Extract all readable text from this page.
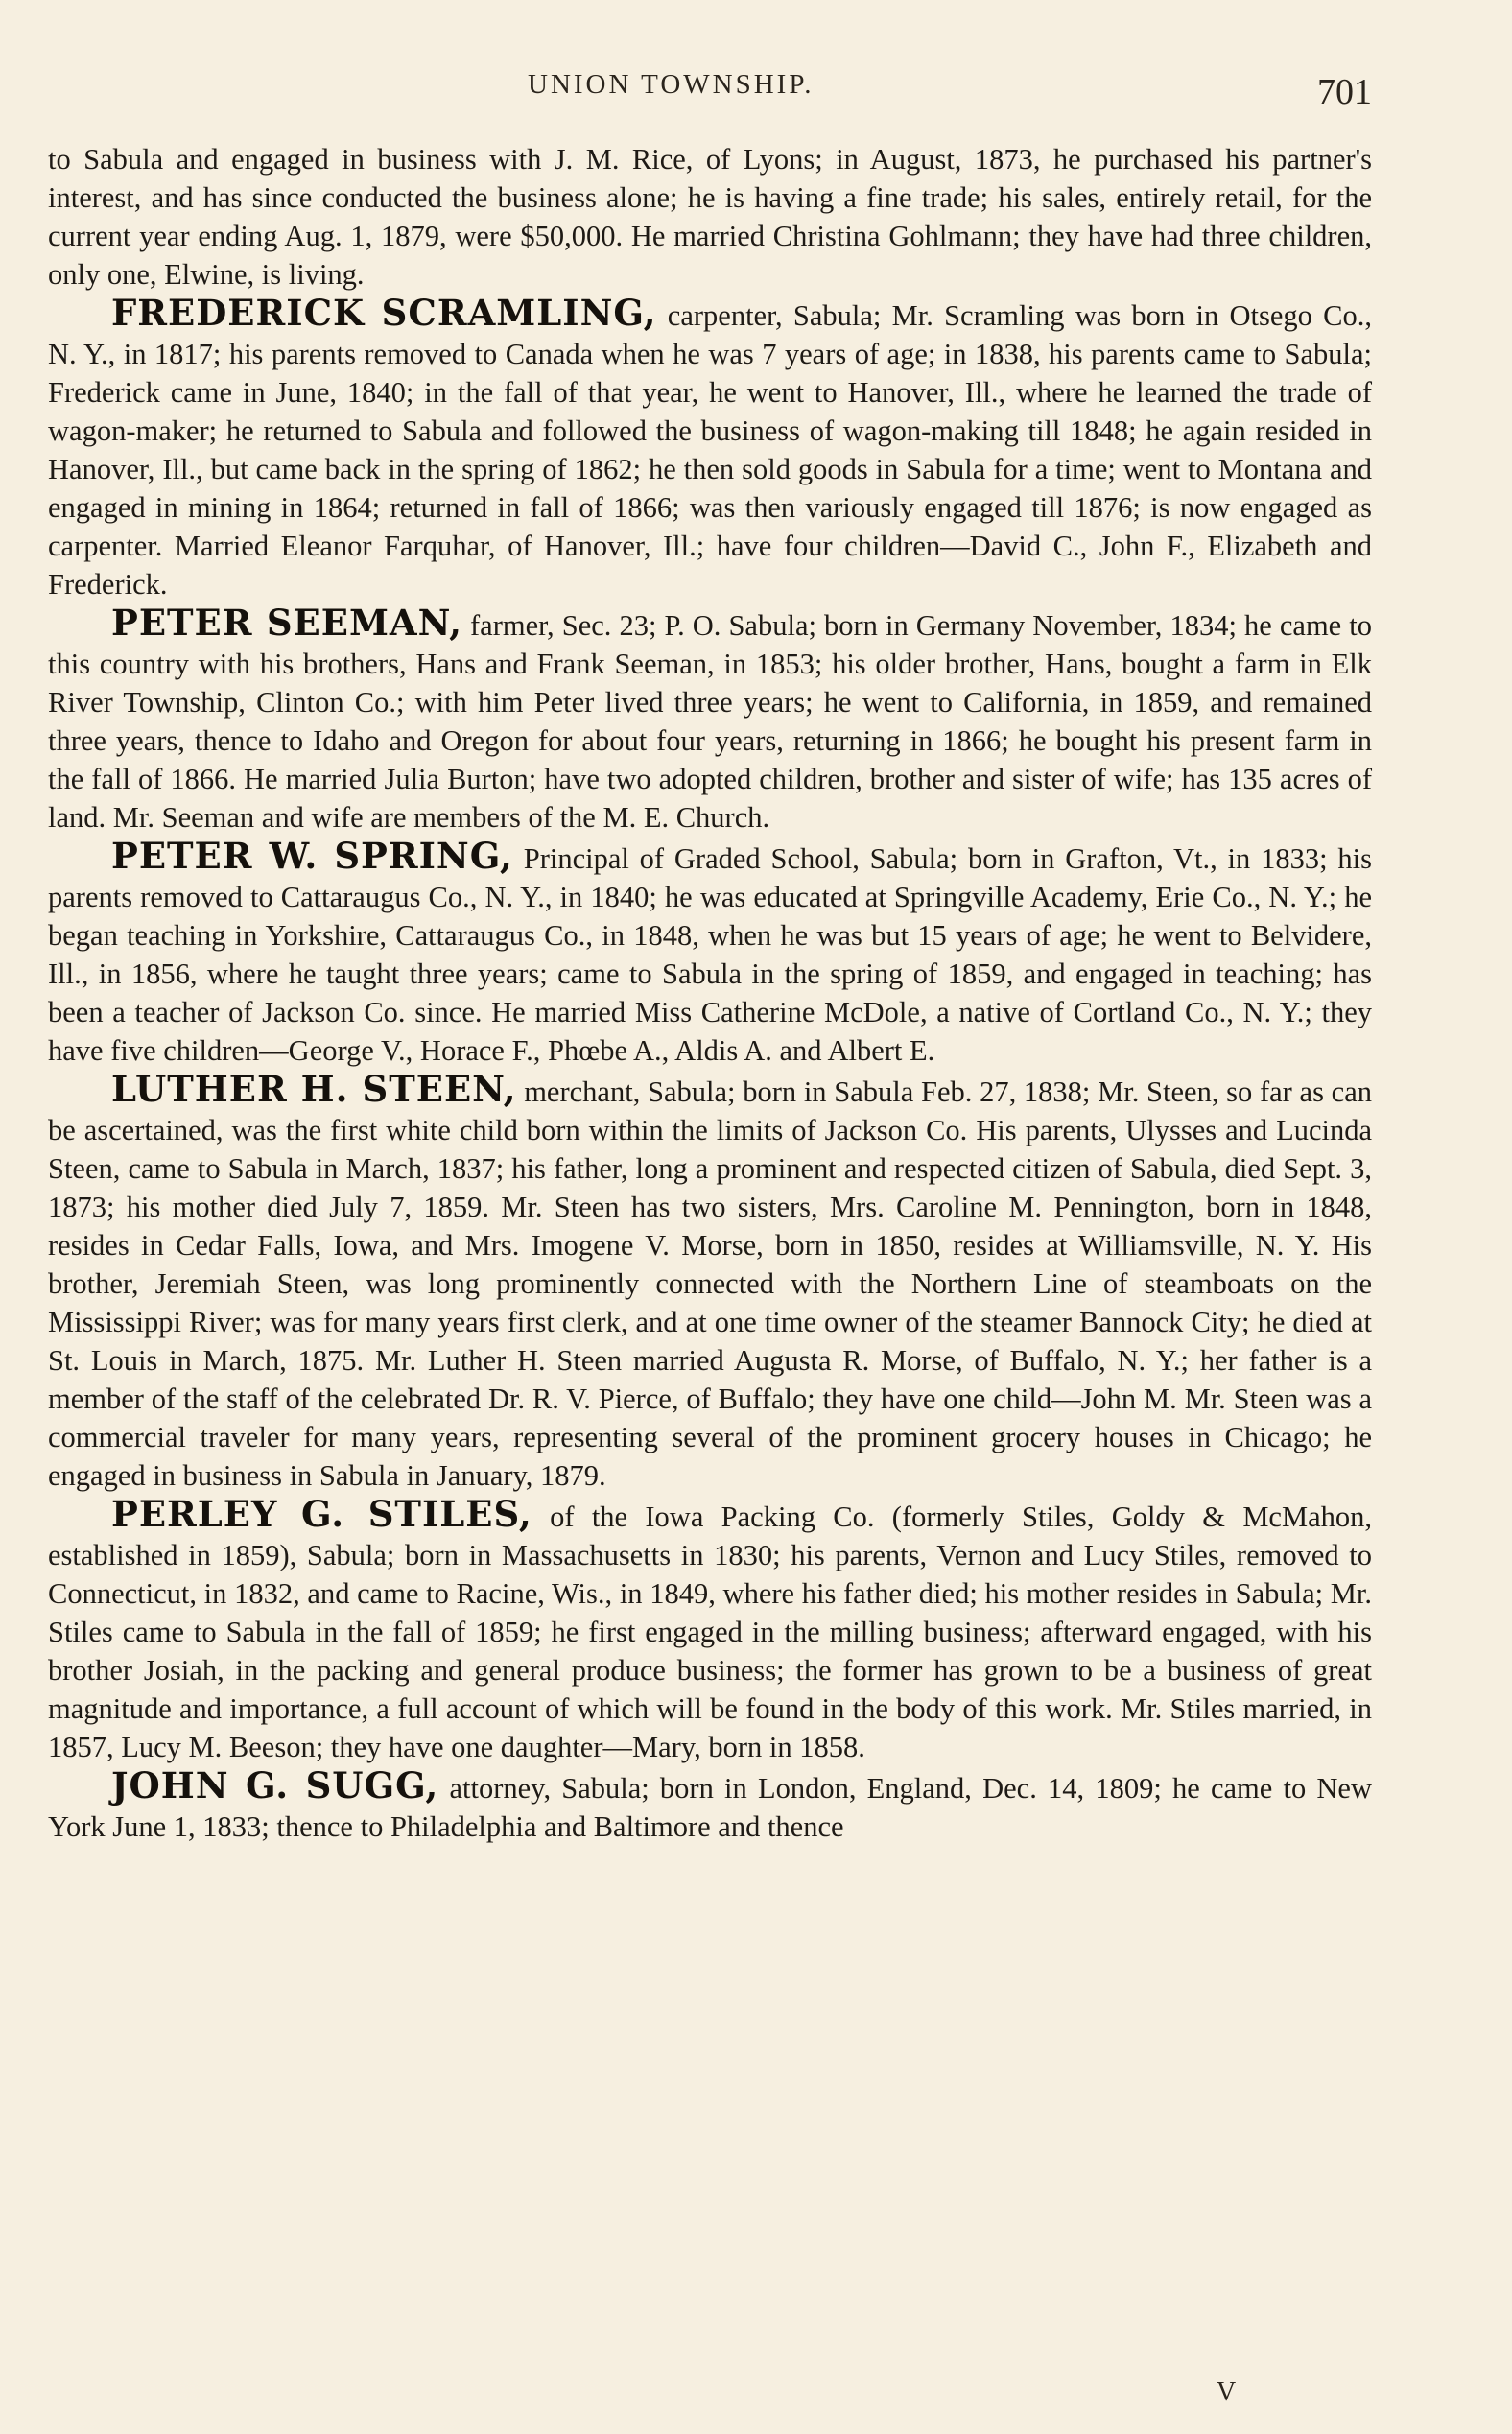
UNION TOWNSHIP.	701

to Sabula and engaged in business with J. M. Rice, of Lyons; in August, 1873, he purchased his partner's interest, and has since conducted the business alone; he is having a fine trade; his sales, entirely retail, for the current year ending Aug. 1, 1879, were $50,000. He married Christina Gohlmann; they have had three children, only one, Elwine, is living.

FREDERICK SCRAMLING, carpenter, Sabula; Mr. Scramling was born in Otsego Co., N. Y., in 1817; his parents removed to Canada when he was 7 years of age; in 1838, his parents came to Sabula; Frederick came in June, 1840; in the fall of that year, he went to Hanover, Ill., where he learned the trade of wagon-maker; he returned to Sabula and followed the business of wagon-making till 1848; he again resided in Hanover, Ill., but came back in the spring of 1862; he then sold goods in Sabula for a time; went to Montana and engaged in mining in 1864; returned in fall of 1866; was then variously engaged till 1876; is now engaged as carpenter. Married Eleanor Farquhar, of Hanover, Ill.; have four children—David C., John F., Elizabeth and Frederick.

PETER SEEMAN, farmer, Sec. 23; P. O. Sabula; born in Germany November, 1834; he came to this country with his brothers, Hans and Frank Seeman, in 1853; his older brother, Hans, bought a farm in Elk River Township, Clinton Co.; with him Peter lived three years; he went to California, in 1859, and remained three years, thence to Idaho and Oregon for about four years, returning in 1866; he bought his present farm in the fall of 1866. He married Julia Burton; have two adopted children, brother and sister of wife; has 135 acres of land. Mr. Seeman and wife are members of the M. E. Church.

PETER W. SPRING, Principal of Graded School, Sabula; born in Grafton, Vt., in 1833; his parents removed to Cattaraugus Co., N. Y., in 1840; he was educated at Springville Academy, Erie Co., N. Y.; he began teaching in Yorkshire, Cattaraugus Co., in 1848, when he was but 15 years of age; he went to Belvidere, Ill., in 1856, where he taught three years; came to Sabula in the spring of 1859, and engaged in teaching; has been a teacher of Jackson Co. since. He married Miss Catherine McDole, a native of Cortland Co., N. Y.; they have five children—George V., Horace F., Phœbe A., Aldis A. and Albert E.

LUTHER H. STEEN, merchant, Sabula; born in Sabula Feb. 27, 1838; Mr. Steen, so far as can be ascertained, was the first white child born within the limits of Jackson Co. His parents, Ulysses and Lucinda Steen, came to Sabula in March, 1837; his father, long a prominent and respected citizen of Sabula, died Sept. 3, 1873; his mother died July 7, 1859. Mr. Steen has two sisters, Mrs. Caroline M. Pennington, born in 1848, resides in Cedar Falls, Iowa, and Mrs. Imogene V. Morse, born in 1850, resides at Williamsville, N. Y. His brother, Jeremiah Steen, was long prominently connected with the Northern Line of steamboats on the Mississippi River; was for many years first clerk, and at one time owner of the steamer Bannock City; he died at St. Louis in March, 1875. Mr. Luther H. Steen married Augusta R. Morse, of Buffalo, N. Y.; her father is a member of the staff of the celebrated Dr. R. V. Pierce, of Buffalo; they have one child—John M. Mr. Steen was a commercial traveler for many years, representing several of the prominent grocery houses in Chicago; he engaged in business in Sabula in January, 1879.

PERLEY G. STILES, of the Iowa Packing Co. (formerly Stiles, Goldy & McMahon, established in 1859), Sabula; born in Massachusetts in 1830; his parents, Vernon and Lucy Stiles, removed to Connecticut, in 1832, and came to Racine, Wis., in 1849, where his father died; his mother resides in Sabula; Mr. Stiles came to Sabula in the fall of 1859; he first engaged in the milling business; afterward engaged, with his brother Josiah, in the packing and general produce business; the former has grown to be a business of great magnitude and importance, a full account of which will be found in the body of this work. Mr. Stiles married, in 1857, Lucy M. Beeson; they have one daughter—Mary, born in 1858.

JOHN G. SUGG, attorney, Sabula; born in London, England, Dec. 14, 1809; he came to New York June 1, 1833; thence to Philadelphia and Baltimore and thence

V
